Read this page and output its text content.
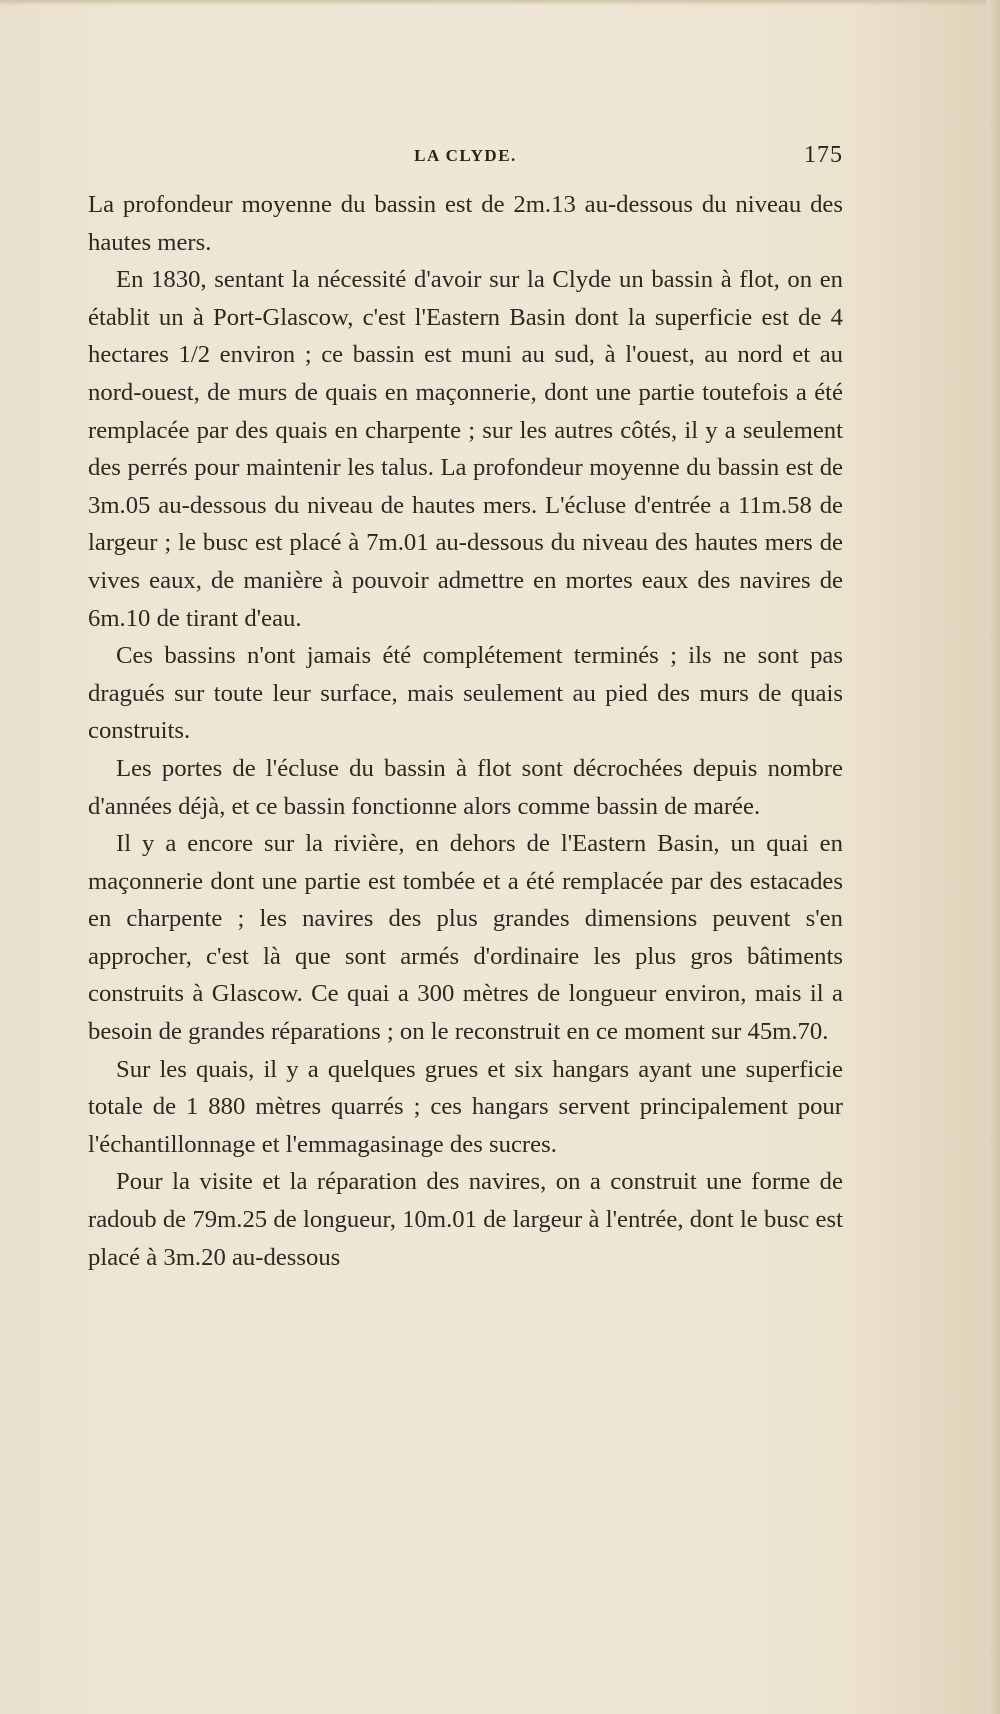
LA CLYDE.	175

La profondeur moyenne du bassin est de 2m.13 au-dessous du niveau des hautes mers.

En 1830, sentant la nécessité d'avoir sur la Clyde un bassin à flot, on en établit un à Port-Glascow, c'est l'Eastern Basin dont la superficie est de 4 hectares 1/2 environ ; ce bassin est muni au sud, à l'ouest, au nord et au nord-ouest, de murs de quais en maçonnerie, dont une partie toutefois a été remplacée par des quais en charpente ; sur les autres côtés, il y a seulement des perrés pour maintenir les talus. La profondeur moyenne du bassin est de 3m.05 au-dessous du niveau de hautes mers. L'écluse d'entrée a 11m.58 de largeur ; le busc est placé à 7m.01 au-dessous du niveau des hautes mers de vives eaux, de manière à pouvoir admettre en mortes eaux des navires de 6m.10 de tirant d'eau.

Ces bassins n'ont jamais été complétement terminés ; ils ne sont pas dragués sur toute leur surface, mais seulement au pied des murs de quais construits.

Les portes de l'écluse du bassin à flot sont décrochées depuis nombre d'années déjà, et ce bassin fonctionne alors comme bassin de marée.

Il y a encore sur la rivière, en dehors de l'Eastern Basin, un quai en maçonnerie dont une partie est tombée et a été remplacée par des estacades en charpente ; les navires des plus grandes dimensions peuvent s'en approcher, c'est là que sont armés d'ordinaire les plus gros bâtiments construits à Glascow. Ce quai a 300 mètres de longueur environ, mais il a besoin de grandes réparations ; on le reconstruit en ce moment sur 45m.70.

Sur les quais, il y a quelques grues et six hangars ayant une superficie totale de 1 880 mètres quarrés ; ces hangars servent principalement pour l'échantillonnage et l'emmagasinage des sucres.

Pour la visite et la réparation des navires, on a construit une forme de radoub de 79m.25 de longueur, 10m.01 de largeur à l'entrée, dont le busc est placé à 3m.20 au-dessous
